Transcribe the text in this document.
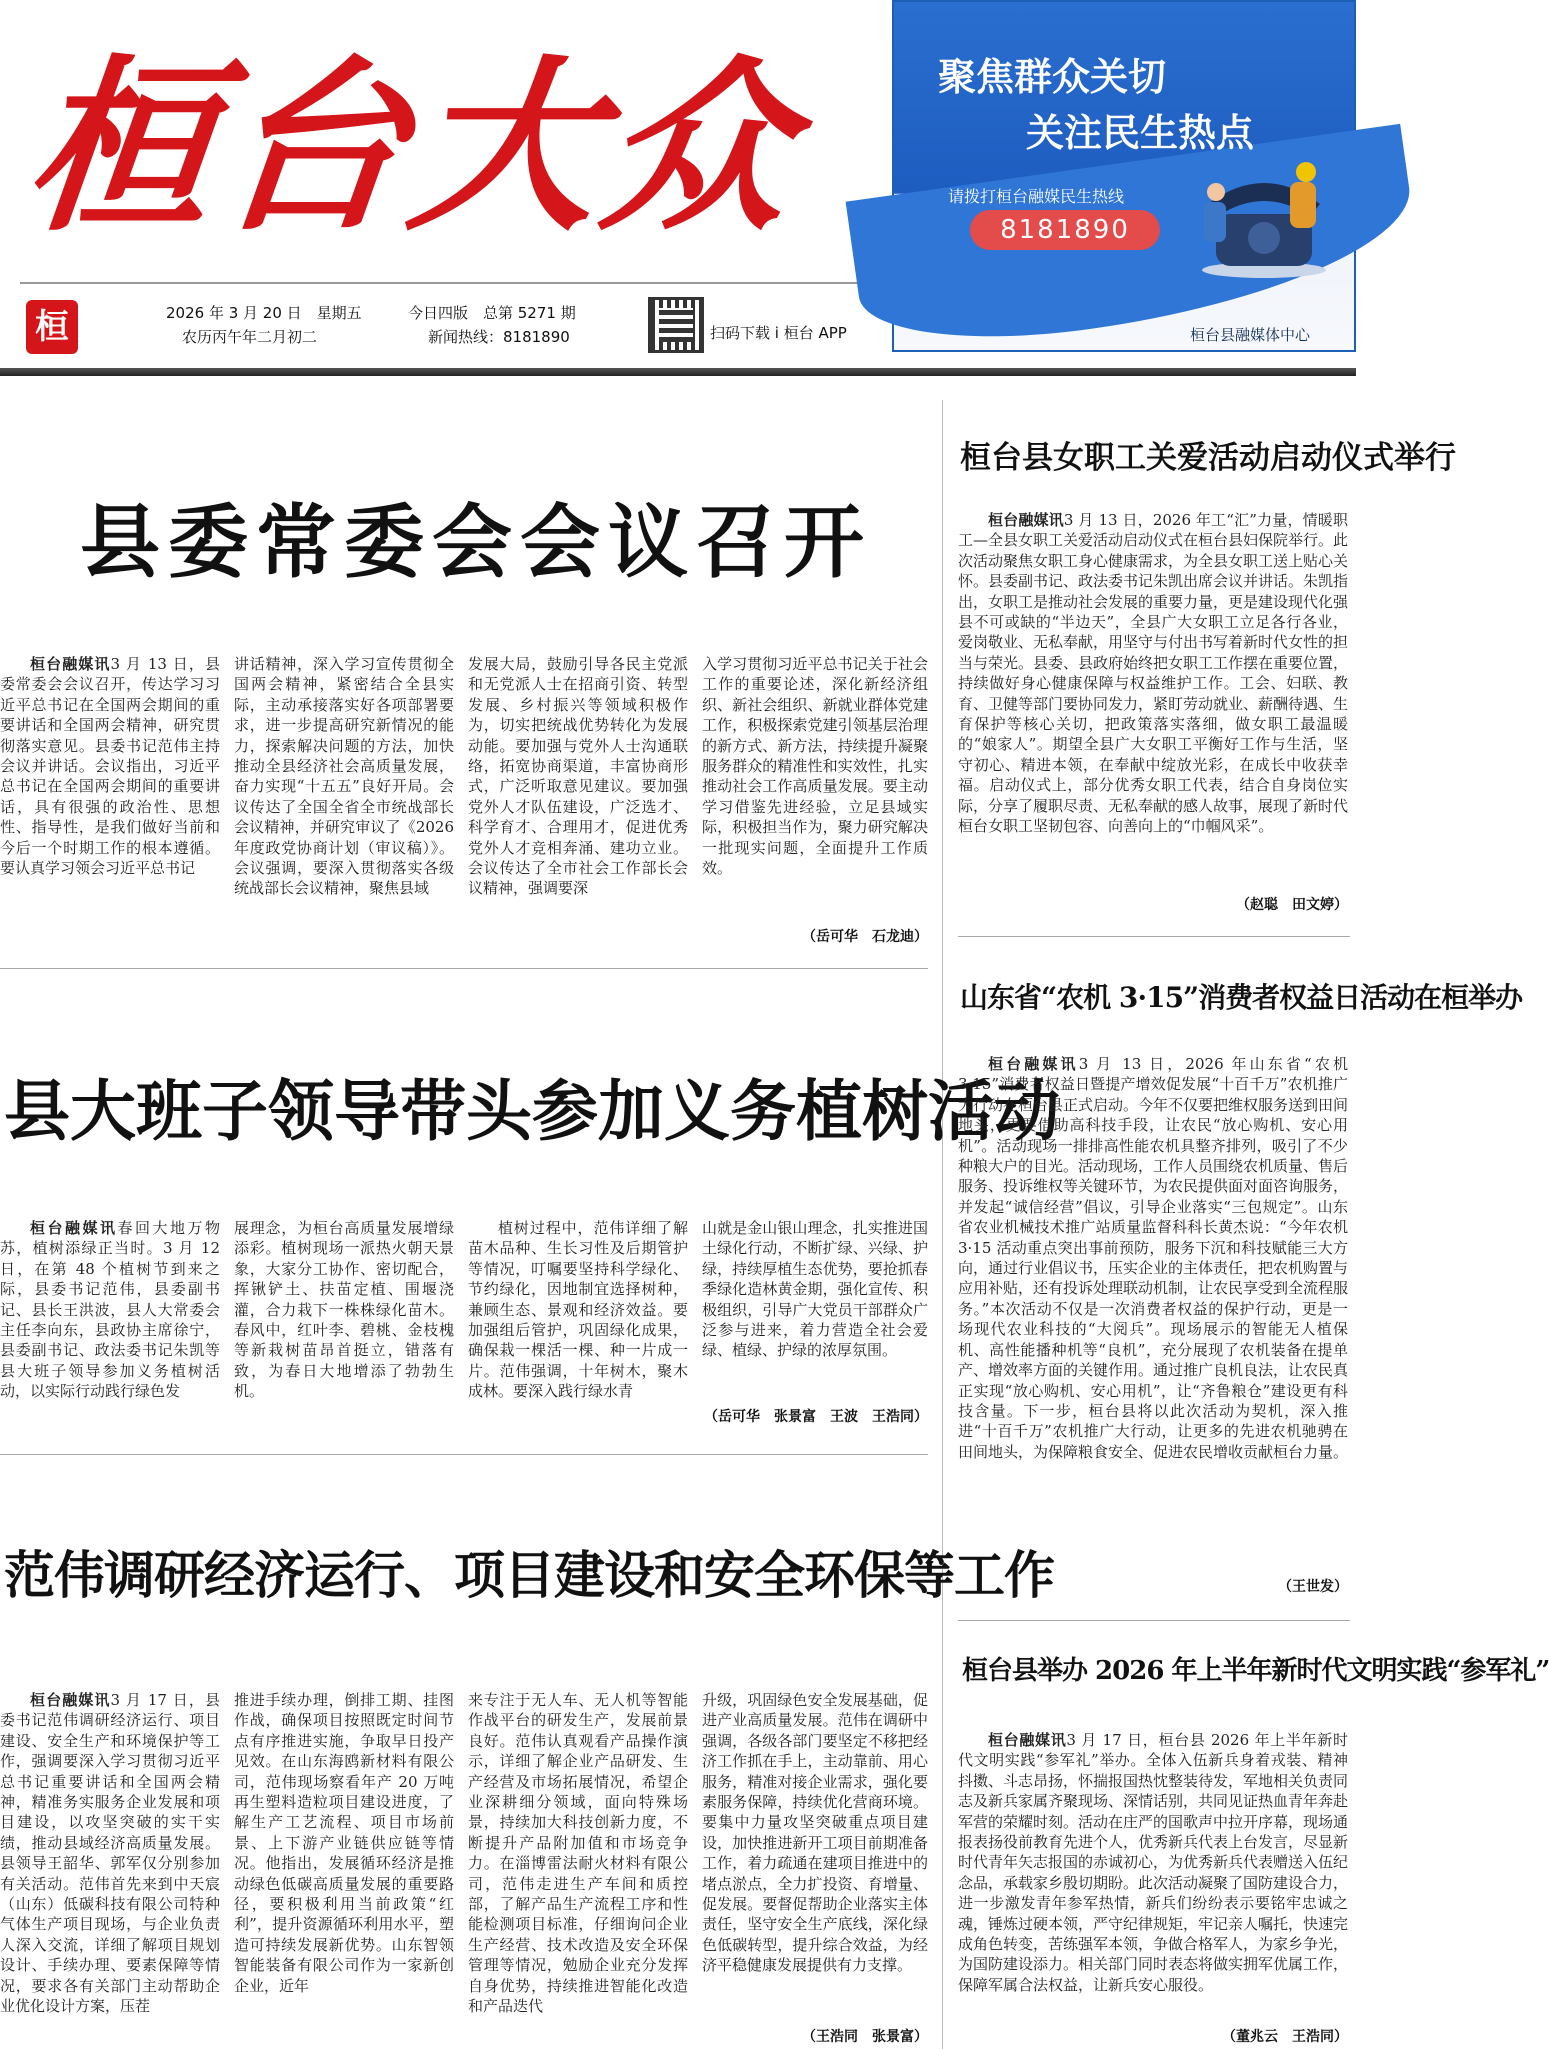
桓台大众
桓	2026 年 3 月 20 日　星期五
农历丙午年二月初二
今日四版　总第 5271 期
新闻热线：8181890	扫码下载 i 桓台 APP
聚焦群众关切
关注民生热点
请拨打桓台融媒民生热线
8181890
桓台县融媒体中心
县委常委会会议召开
桓台融媒讯3 月 13 日，县委常委会会议召开，传达学习习近平总书记在全国两会期间的重要讲话和全国两会精神，研究贯彻落实意见。县委书记范伟主持会议并讲话。会议指出，习近平总书记在全国两会期间的重要讲话，具有很强的政治性、思想性、指导性，是我们做好当前和今后一个时期工作的根本遵循。要认真学习领会习近平总书记
讲话精神，深入学习宣传贯彻全国两会精神，紧密结合全县实际，主动承接落实好各项部署要求，进一步提高研究新情况的能力，探索解决问题的方法，加快推动全县经济社会高质量发展，奋力实现“十五五”良好开局。会议传达了全国全省全市统战部长会议精神，并研究审议了《2026 年度政党协商计划（审议稿）》。会议强调，要深入贯彻落实各级统战部长会议精神，聚焦县域
发展大局，鼓励引导各民主党派和无党派人士在招商引资、转型发展、乡村振兴等领域积极作为，切实把统战优势转化为发展动能。要加强与党外人士沟通联络，拓宽协商渠道，丰富协商形式，广泛听取意见建议。要加强党外人才队伍建设，广泛选才、科学育才、合理用才，促进优秀党外人才竞相奔涌、建功立业。会议传达了全市社会工作部长会议精神，强调要深
入学习贯彻习近平总书记关于社会工作的重要论述，深化新经济组织、新社会组织、新就业群体党建工作，积极探索党建引领基层治理的新方式、新方法，持续提升凝聚服务群众的精准性和实效性，扎实推动社会工作高质量发展。要主动学习借鉴先进经验，立足县域实际，积极担当作为，聚力研究解决一批现实问题，全面提升工作质效。
（岳可华　石龙迪）
县大班子领导带头参加义务植树活动
桓台融媒讯春回大地万物苏，植树添绿正当时。3 月 12 日，在第 48 个植树节到来之际，县委书记范伟，县委副书记、县长王洪波，县人大常委会主任李向东，县政协主席徐宁，县委副书记、政法委书记朱凯等县大班子领导参加义务植树活动，以实际行动践行绿色发
展理念，为桓台高质量发展增绿添彩。植树现场一派热火朝天景象，大家分工协作、密切配合，挥锹铲土、扶苗定植、围堰浇灌，合力栽下一株株绿化苗木。春风中，红叶李、碧桃、金枝槐等新栽树苗昂首挺立，错落有致，为春日大地增添了勃勃生机。
植树过程中，范伟详细了解苗木品种、生长习性及后期管护等情况，叮嘱要坚持科学绿化、节约绿化，因地制宜选择树种，兼顾生态、景观和经济效益。要加强组后管护，巩固绿化成果，确保栽一棵活一棵、种一片成一片。范伟强调，十年树木，聚木成林。要深入践行绿水青
山就是金山银山理念，扎实推进国土绿化行动，不断扩绿、兴绿、护绿，持续厚植生态优势，要抢抓春季绿化造林黄金期，强化宣传、积极组织，引导广大党员干部群众广泛参与进来，着力营造全社会爱绿、植绿、护绿的浓厚氛围。
（岳可华　张景富　王波　王浩同）
范伟调研经济运行、项目建设和安全环保等工作
桓台融媒讯3 月 17 日，县委书记范伟调研经济运行、项目建设、安全生产和环境保护等工作，强调要深入学习贯彻习近平总书记重要讲话和全国两会精神，精准务实服务企业发展和项目建设，以攻坚突破的实干实绩，推动县域经济高质量发展。县领导王韶华、郭军仅分别参加有关活动。范伟首先来到中天宸（山东）低碳科技有限公司特种气体生产项目现场，与企业负责人深入交流，详细了解项目规划设计、手续办理、要素保障等情况，要求各有关部门主动帮助企业优化设计方案，压茬
推进手续办理，倒排工期、挂图作战，确保项目按照既定时间节点有序推进实施，争取早日投产见效。在山东海鸥新材料有限公司，范伟现场察看年产 20 万吨再生塑料造粒项目建设进度，了解生产工艺流程、项目市场前景、上下游产业链供应链等情况。他指出，发展循环经济是推动绿色低碳高质量发展的重要路径，要积极利用当前政策“红利”，提升资源循环利用水平，塑造可持续发展新优势。山东智领智能装备有限公司作为一家新创企业，近年
来专注于无人车、无人机等智能作战平台的研发生产，发展前景良好。范伟认真观看产品操作演示，详细了解企业产品研发、生产经营及市场拓展情况，希望企业深耕细分领域，面向特殊场景，持续加大科技创新力度，不断提升产品附加值和市场竞争力。在淄博雷法耐火材料有限公司，范伟走进生产车间和质控部，了解产品生产流程工序和性能检测项目标准，仔细询问企业生产经营、技术改造及安全环保管理等情况，勉励企业充分发挥自身优势，持续推进智能化改造和产品迭代
升级，巩固绿色安全发展基础，促进产业高质量发展。范伟在调研中强调，各级各部门要坚定不移把经济工作抓在手上，主动靠前、用心服务，精准对接企业需求，强化要素服务保障，持续优化营商环境。要集中力量攻坚突破重点项目建设，加快推进新开工项目前期准备工作，着力疏通在建项目推进中的堵点淤点，全力扩投资、育增量、促发展。要督促帮助企业落实主体责任，坚守安全生产底线，深化绿色低碳转型，提升综合效益，为经济平稳健康发展提供有力支撑。
（王浩同　张景富）
桓台县女职工关爱活动启动仪式举行
桓台融媒讯3 月 13 日，2026 年工“汇”力量，情暖职工—全县女职工关爱活动启动仪式在桓台县妇保院举行。此次活动聚焦女职工身心健康需求，为全县女职工送上贴心关怀。县委副书记、政法委书记朱凯出席会议并讲话。朱凯指出，女职工是推动社会发展的重要力量，更是建设现代化强县不可或缺的“半边天”，全县广大女职工立足各行各业，爱岗敬业、无私奉献，用坚守与付出书写着新时代女性的担当与荣光。县委、县政府始终把女职工工作摆在重要位置，持续做好身心健康保障与权益维护工作。工会、妇联、教育、卫健等部门要协同发力，紧盯劳动就业、薪酬待遇、生育保护等核心关切，把政策落实落细，做女职工最温暖的“娘家人”。期望全县广大女职工平衡好工作与生活，坚守初心、精进本领，在奉献中绽放光彩，在成长中收获幸福。启动仪式上，部分优秀女职工代表，结合自身岗位实际，分享了履职尽责、无私奉献的感人故事，展现了新时代桓台女职工坚韧包容、向善向上的“巾帼风采”。
（赵聪　田文婷）
山东省“农机 3·15”消费者权益日活动在桓举办
桓台融媒讯3 月 13 日，2026 年山东省“农机 3·15”消费者权益日暨提产增效促发展“十百千万”农机推广大行动在桓台县正式启动。今年不仅要把维权服务送到田间地头，更要借助高科技手段，让农民“放心购机、安心用机”。活动现场一排排高性能农机具整齐排列，吸引了不少种粮大户的目光。活动现场，工作人员围绕农机质量、售后服务、投诉维权等关键环节，为农民提供面对面咨询服务，并发起“诚信经营”倡议，引导企业落实“三包规定”。山东省农业机械技术推广站质量监督科科长黄杰说：“今年农机 3·15 活动重点突出事前预防，服务下沉和科技赋能三大方向，通过行业倡议书，压实企业的主体责任，把农机购置与应用补贴，还有投诉处理联动机制，让农民享受到全流程服务。”本次活动不仅是一次消费者权益的保护行动，更是一场现代农业科技的“大阅兵”。现场展示的智能无人植保机、高性能播种机等“良机”，充分展现了农机装备在提单产、增效率方面的关键作用。通过推广良机良法，让农民真正实现“放心购机、安心用机”，让“齐鲁粮仓”建设更有科技含量。下一步，桓台县将以此次活动为契机，深入推进“十百千万”农机推广大行动，让更多的先进农机驰骋在田间地头，为保障粮食安全、促进农民增收贡献桓台力量。
（王世发）
桓台县举办 2026 年上半年新时代文明实践“参军礼”
桓台融媒讯3 月 17 日，桓台县 2026 年上半年新时代文明实践“参军礼”举办。全体入伍新兵身着戎装、精神抖擞、斗志昂扬，怀揣报国热忱整装待发，军地相关负责同志及新兵家属齐聚现场、深情话别，共同见证热血青年奔赴军营的荣耀时刻。活动在庄严的国歌声中拉开序幕，现场通报表扬役前教育先进个人，优秀新兵代表上台发言，尽显新时代青年矢志报国的赤诚初心，为优秀新兵代表赠送入伍纪念品，承载家乡殷切期盼。此次活动凝聚了国防建设合力，进一步激发青年参军热情，新兵们纷纷表示要铭牢忠诚之魂，锤炼过硬本领，严守纪律规矩，牢记亲人嘱托，快速完成角色转变，苦练强军本领，争做合格军人，为家乡争光，为国防建设添力。相关部门同时表态将做实拥军优属工作，保障军属合法权益，让新兵安心服役。
（董兆云　王浩同）
